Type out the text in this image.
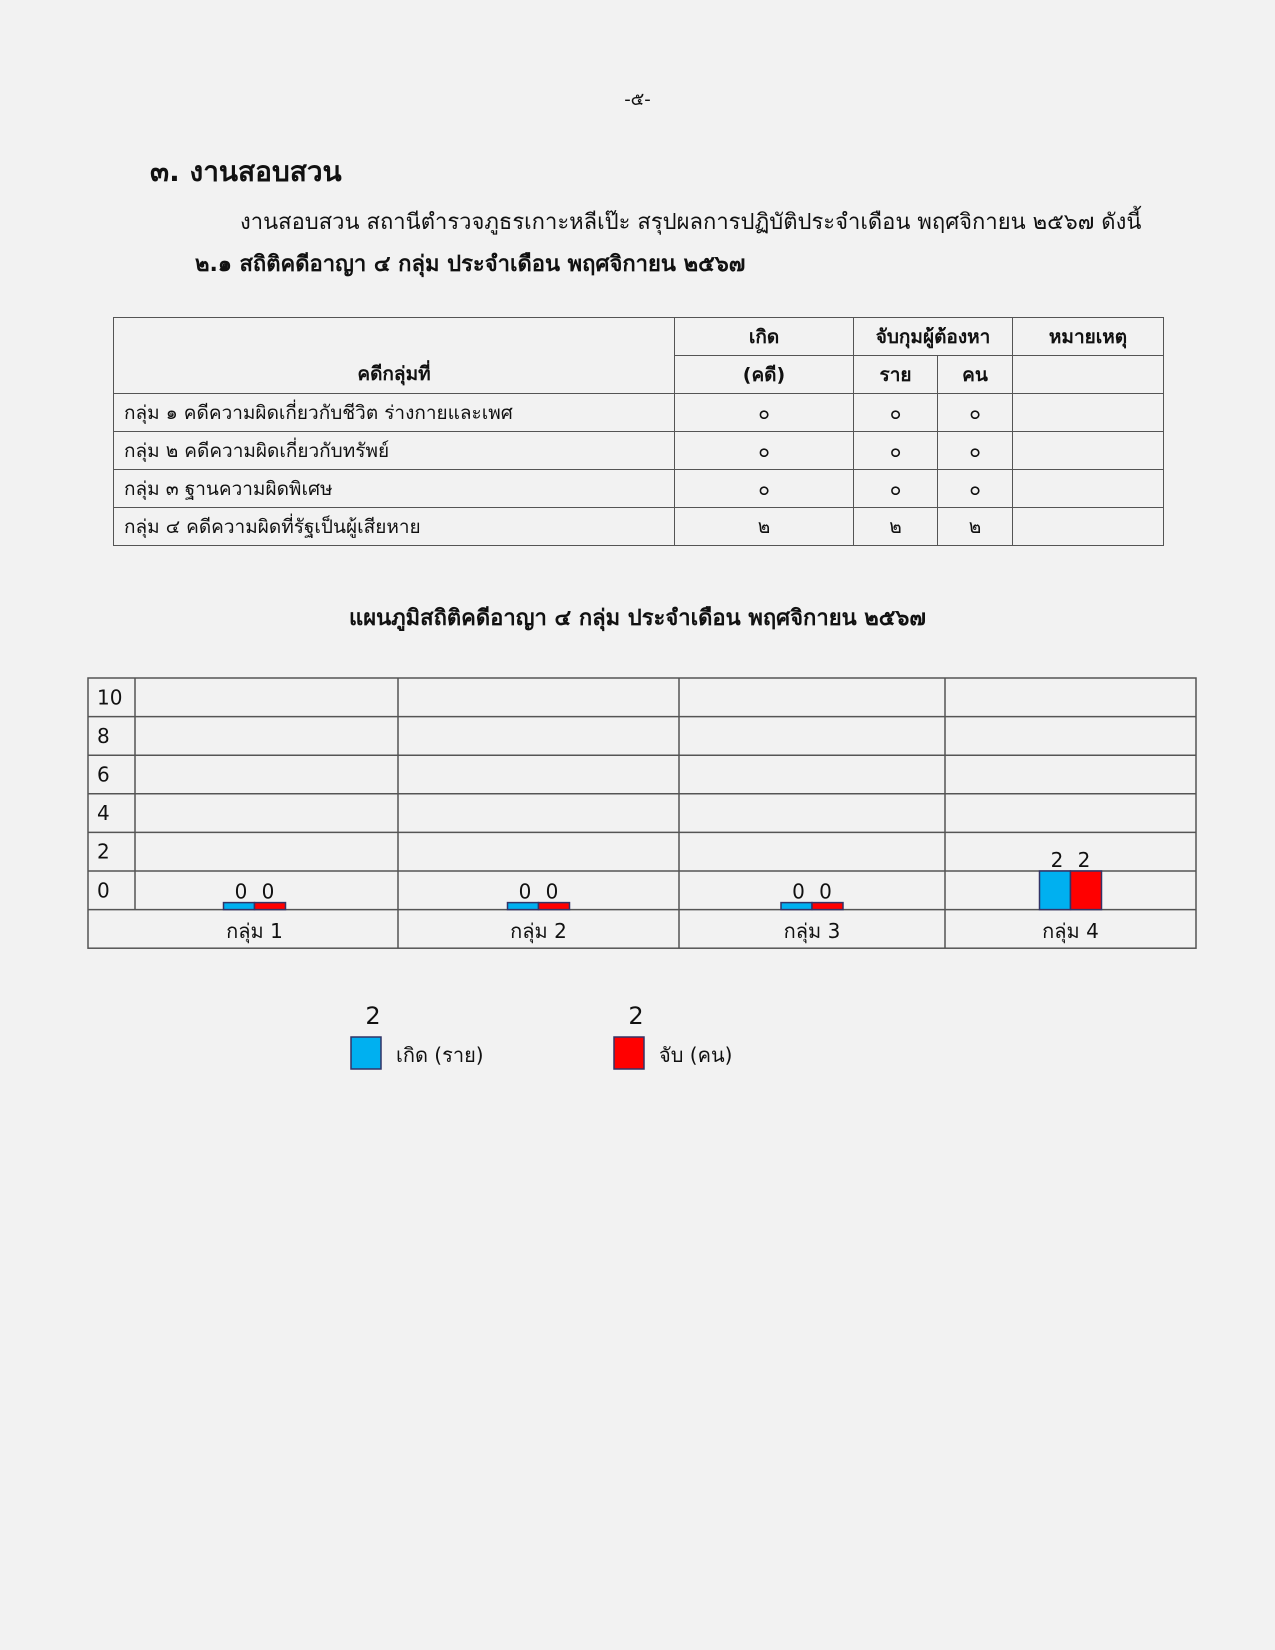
-๕-
๓. งานสอบสวน
งานสอบสวน สถานีตำรวจภูธรเกาะหลีเป๊ะ สรุปผลการปฏิบัติประจำเดือน พฤศจิกายน ๒๕๖๗ ดังนี้
๒.๑ สถิติคดีอาญา ๔ กลุ่ม ประจำเดือน พฤศจิกายน ๒๕๖๗
คดีกลุ่มที่	เกิด	จับกุมผู้ต้องหา		หมายเหตุ
	(คดี)	ราย	คน	
กลุ่ม ๑ คดีความผิดเกี่ยวกับชีวิต ร่างกายและเพศ	๐	๐	๐	
กลุ่ม ๒ คดีความผิดเกี่ยวกับทรัพย์	๐	๐	๐	
กลุ่ม ๓ ฐานความผิดพิเศษ	๐	๐	๐	
กลุ่ม ๔ คดีความผิดที่รัฐเป็นผู้เสียหาย	๒	๒	๒	
แผนภูมิสถิติคดีอาญา ๔ กลุ่ม ประจำเดือน พฤศจิกายน ๒๕๖๗
10
8
6
4
2
0	0 0
กลุ่ม 1
0 0
กลุ่ม 2
0 0
กลุ่ม 3
2 2
กลุ่ม 4
2
เกิด (ราย)
2
จับ (คน)
